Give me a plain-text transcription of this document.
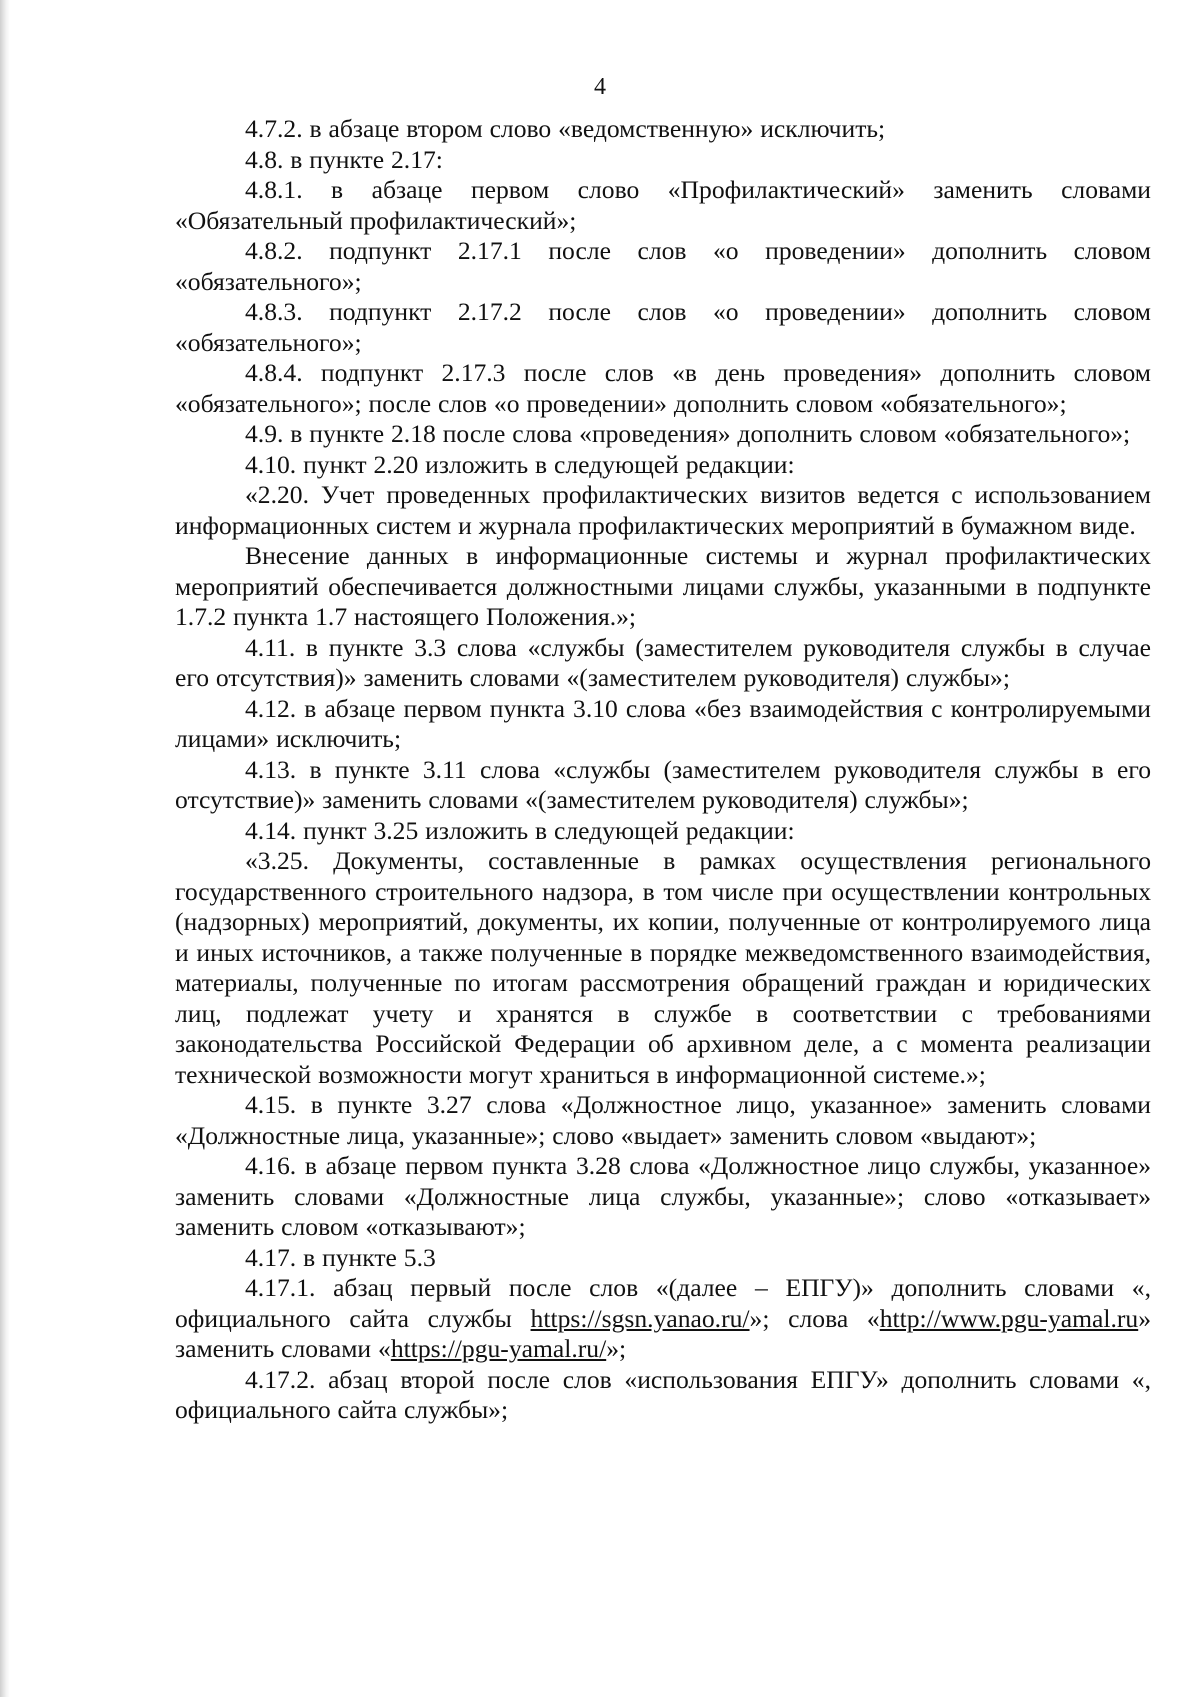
4

4.7.2. в абзаце втором слово «ведомственную» исключить;

4.8. в пункте 2.17:

4.8.1. в абзаце первом слово «Профилактический» заменить словами «Обязательный профилактический»;

4.8.2. подпункт 2.17.1 после слов «о проведении» дополнить словом «обязательного»;

4.8.3. подпункт 2.17.2 после слов «о проведении» дополнить словом «обязательного»;

4.8.4. подпункт 2.17.3 после слов «в день проведения» дополнить словом «обязательного»; после слов «о проведении» дополнить словом «обязательного»;

4.9. в пункте 2.18 после слова «проведения» дополнить словом «обязательного»;

4.10. пункт 2.20 изложить в следующей редакции:

«2.20. Учет проведенных профилактических визитов ведется с использованием информационных систем и журнала профилактических мероприятий в бумажном виде.

Внесение данных в информационные системы и журнал профилактических мероприятий обеспечивается должностными лицами службы, указанными в подпункте 1.7.2 пункта 1.7 настоящего Положения.»;

4.11. в пункте 3.3 слова «службы (заместителем руководителя службы в случае его отсутствия)» заменить словами «(заместителем руководителя) службы»;

4.12. в абзаце первом пункта 3.10 слова «без взаимодействия с контролируемыми лицами» исключить;

4.13. в пункте 3.11 слова «службы (заместителем руководителя службы в его отсутствие)» заменить словами «(заместителем руководителя) службы»;

4.14. пункт 3.25 изложить в следующей редакции:

«3.25. Документы, составленные в рамках осуществления регионального государственного строительного надзора, в том числе при осуществлении контрольных (надзорных) мероприятий, документы, их копии, полученные от контролируемого лица и иных источников, а также полученные в порядке межведомственного взаимодействия, материалы, полученные по итогам рассмотрения обращений граждан и юридических лиц, подлежат учету и хранятся в службе в соответствии с требованиями законодательства Российской Федерации об архивном деле, а с момента реализации технической возможности могут храниться в информационной системе.»;

4.15. в пункте 3.27 слова «Должностное лицо, указанное» заменить словами «Должностные лица, указанные»; слово «выдает» заменить словом «выдают»;

4.16. в абзаце первом пункта 3.28 слова «Должностное лицо службы, указанное» заменить словами «Должностные лица службы, указанные»; слово «отказывает» заменить словом «отказывают»;

4.17. в пункте 5.3

4.17.1. абзац первый после слов «(далее – ЕПГУ)» дополнить словами «, официального сайта службы https://sgsn.yanao.ru/»; слова «http://www.pgu-yamal.ru» заменить словами «https://pgu-yamal.ru/»;

4.17.2. абзац второй после слов «использования ЕПГУ» дополнить словами «, официального сайта службы»;
